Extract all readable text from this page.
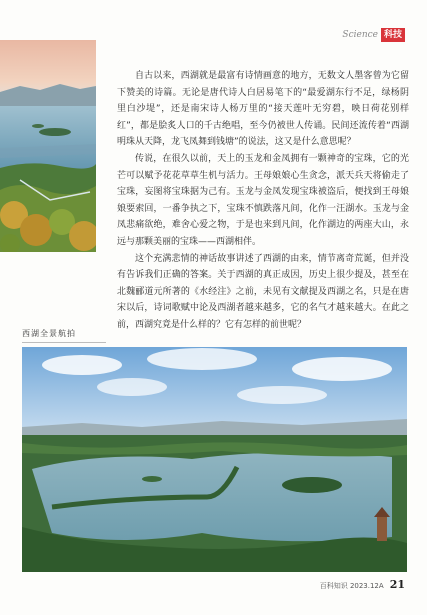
Science 科技

自古以来，西湖就是最富有诗情画意的地方，无数文人墨客曾为它留下赞美的诗篇。无论是唐代诗人白居易笔下的“最爱湖东行不足，绿杨阴里白沙堤”，还是南宋诗人杨万里的“接天莲叶无穷碧，映日荷花别样红”，都是脍炙人口的千古绝唱，至今仍被世人传诵。民间还流传着“西湖明珠从天降，龙飞凤舞到钱塘”的说法，这又是什么意思呢？

传说，在很久以前，天上的玉龙和金凤拥有一颗神奇的宝珠，它的光芒可以赋予花花草草生机与活力。王母娘娘心生贪念，派天兵天将偷走了宝珠，妄图将宝珠据为己有。玉龙与金凤发现宝珠被盗后，便找到王母娘娘要索回，一番争执之下，宝珠不慎跌落凡间，化作一汪湖水。玉龙与金凤悲痛欲绝，难舍心爱之物，于是也来到凡间，化作湖边的两座大山，永远与那颗美丽的宝珠——西湖相伴。

这个充满悲情的神话故事讲述了西湖的由来，情节离奇荒诞，但并没有告诉我们正确的答案。关于西湖的真正成因，历史上很少提及，甚至在北魏郦道元所著的《水经注》之前，未见有文献提及西湖之名，只是在唐宋以后，诗词歌赋中论及西湖者越来越多，它的名气才越来越大。在此之前，西湖究竟是什么样的？它有怎样的前世呢？

西湖全景航拍
百科知识 2023.12A 21
